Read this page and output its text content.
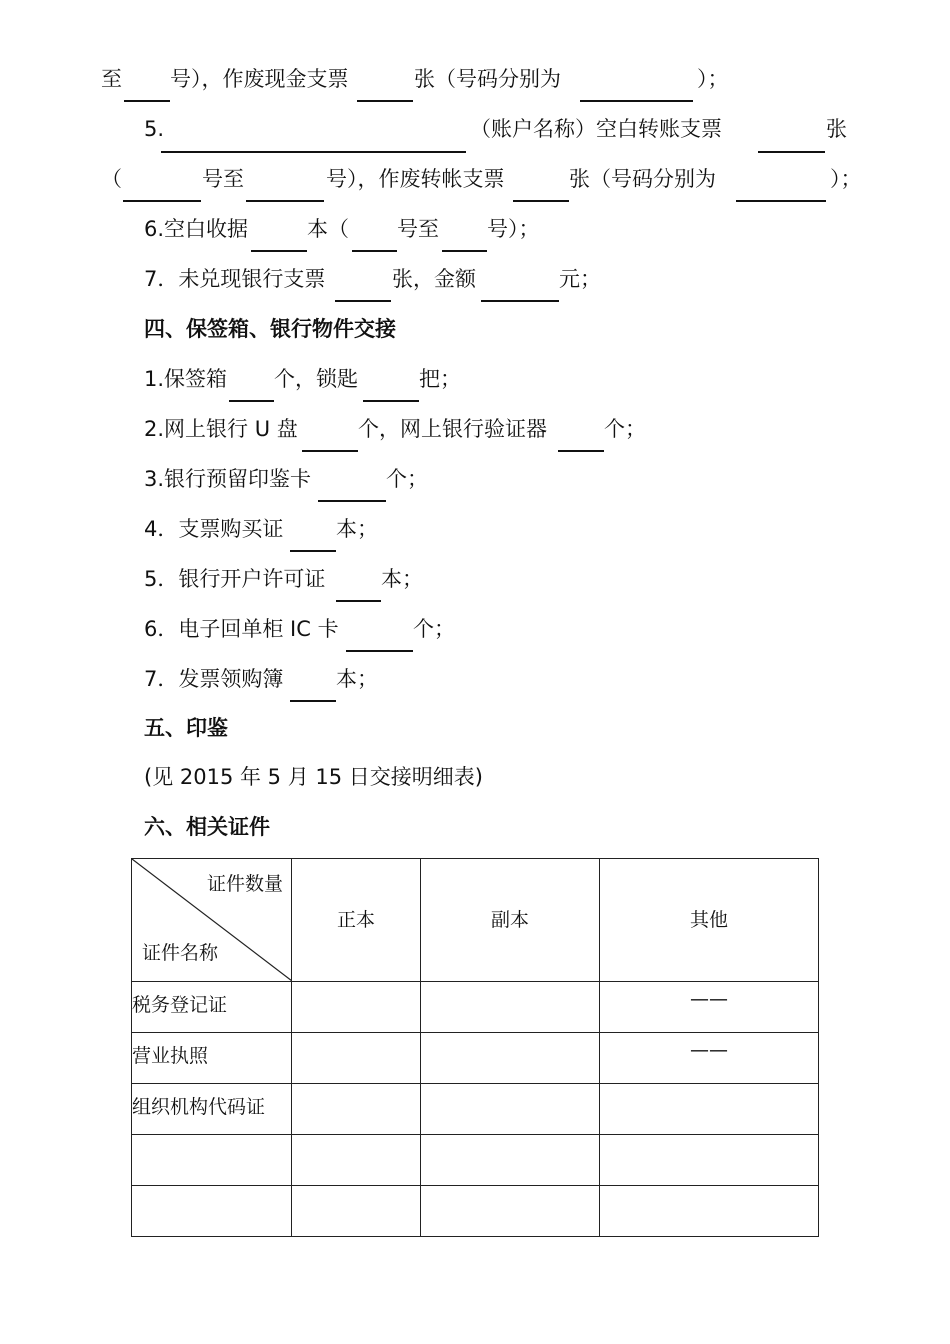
至 号），作废现金支票	张（号码分别为	）；
5.	（账户名称）空白转账支票	张
（	号至	号），作废转帐支票	张（号码分别为	）；
6.空白收据	本（ 号至 号）；
7．未兑现银行支票	张，金额	元；
四、保签箱、银行物件交接
1.保签箱 个，锁匙	把；
2.网上银行 U 盘	个，网上银行验证器	个；
3.银行预留印鉴卡	个；
4．支票购买证	本；
5．银行开户许可证	本；
6．电子回单柜 IC 卡	个；
7．发票领购簿	本；
五、印鉴
(见 2015 年 5 月 15 日交接明细表)
六、相关证件
证件数量
证件名称	正本	副本	其他
税务登记证			——
营业执照			——
组织机构代码证			
